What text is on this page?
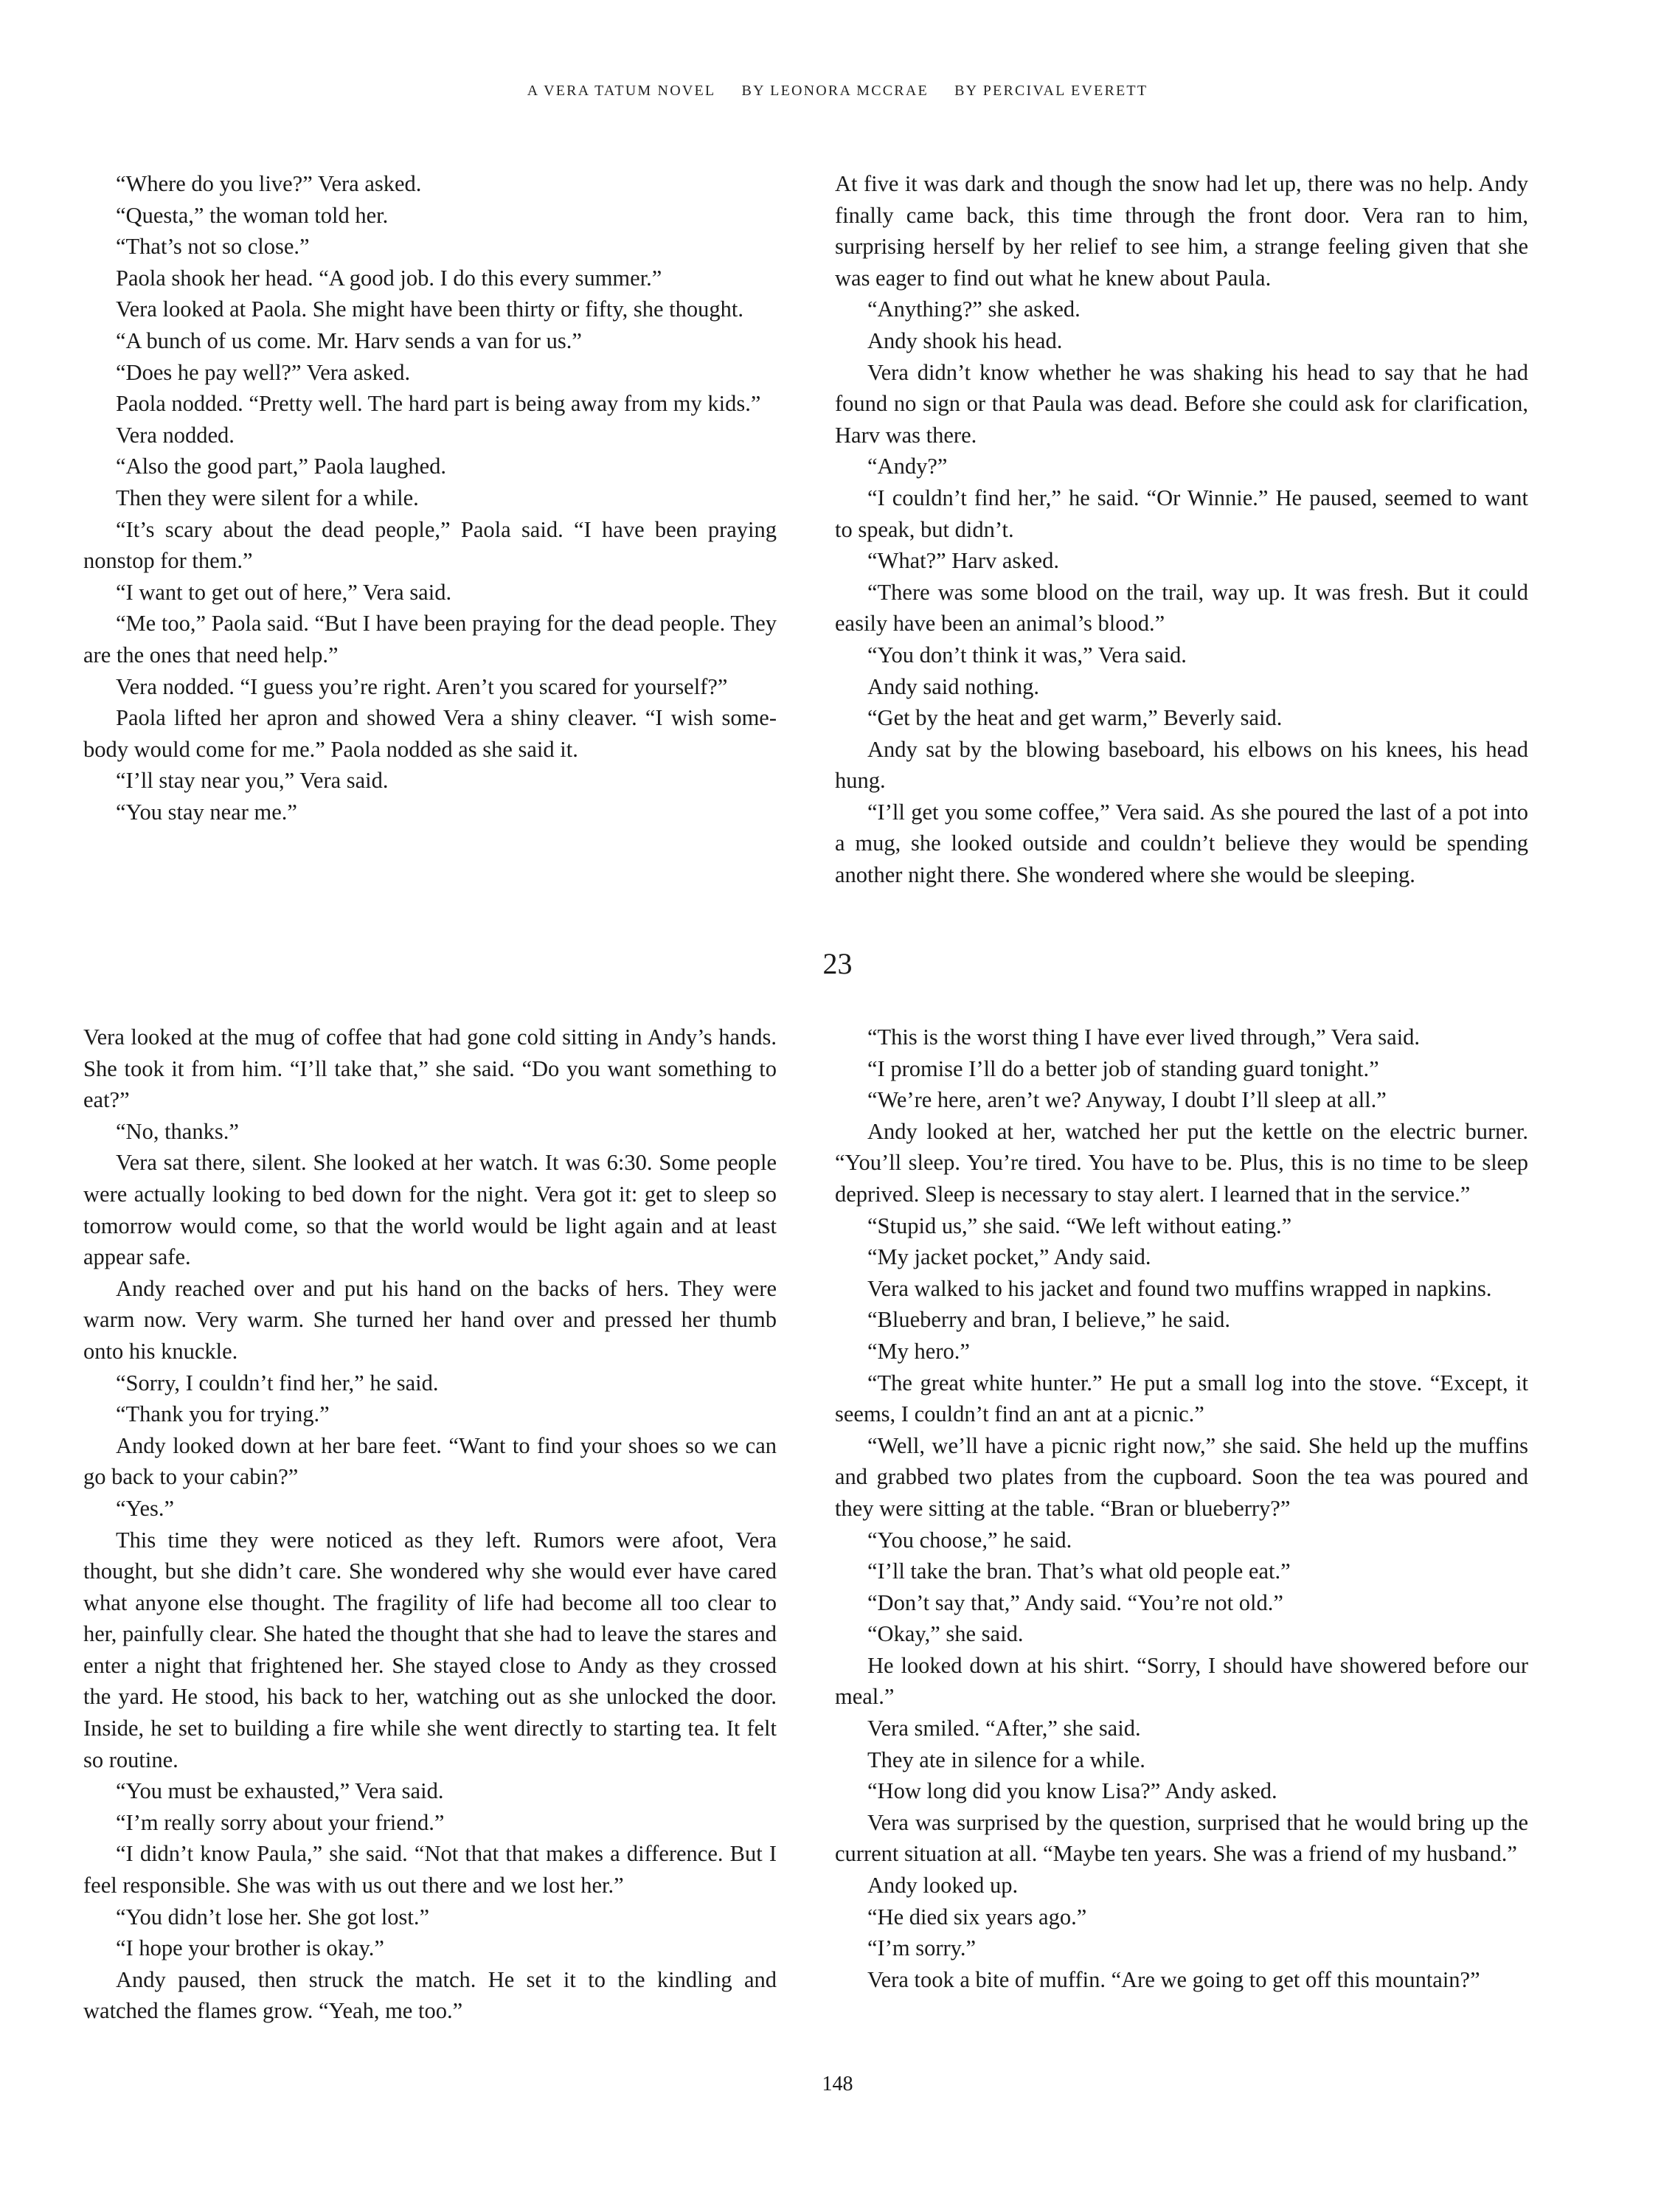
A VERA TATUM NOVEL BY LEONORA MCCRAE BY PERCIVAL EVERETT

“Where do you live?” Vera asked.

“Questa,” the woman told her.

“That’s not so close.”

Paola shook her head. “A good job. I do this every summer.”

Vera looked at Paola. She might have been thirty or fifty, she thought.

“A bunch of us come. Mr. Harv sends a van for us.”

“Does he pay well?” Vera asked.

Paola nodded. “Pretty well. The hard part is being away from my kids.”

Vera nodded.

“Also the good part,” Paola laughed.

Then they were silent for a while.

“It’s scary about the dead people,” Paola said. “I have been praying nonstop for them.”

“I want to get out of here,” Vera said.

“Me too,” Paola said. “But I have been praying for the dead people. They are the ones that need help.”

Vera nodded. “I guess you’re right. Aren’t you scared for yourself?”

Paola lifted her apron and showed Vera a shiny cleaver. “I wish somebody would come for me.” Paola nodded as she said it.

“I’ll stay near you,” Vera said.

“You stay near me.”

At five it was dark and though the snow had let up, there was no help. Andy finally came back, this time through the front door. Vera ran to him, surprising herself by her relief to see him, a strange feeling given that she was eager to find out what he knew about Paula.

“Anything?” she asked.

Andy shook his head.

Vera didn’t know whether he was shaking his head to say that he had found no sign or that Paula was dead. Before she could ask for clarification, Harv was there.

“Andy?”

“I couldn’t find her,” he said. “Or Winnie.” He paused, seemed to want to speak, but didn’t.

“What?” Harv asked.

“There was some blood on the trail, way up. It was fresh. But it could easily have been an animal’s blood.”

“You don’t think it was,” Vera said.

Andy said nothing.

“Get by the heat and get warm,” Beverly said.

Andy sat by the blowing baseboard, his elbows on his knees, his head hung.

“I’ll get you some coffee,” Vera said. As she poured the last of a pot into a mug, she looked outside and couldn’t believe they would be spending another night there. She wondered where she would be sleeping.

23

Vera looked at the mug of coffee that had gone cold sitting in Andy’s hands. She took it from him. “I’ll take that,” she said. “Do you want something to eat?”

“No, thanks.”

Vera sat there, silent. She looked at her watch. It was 6:30. Some people were actually looking to bed down for the night. Vera got it: get to sleep so tomorrow would come, so that the world would be light again and at least appear safe.

Andy reached over and put his hand on the backs of hers. They were warm now. Very warm. She turned her hand over and pressed her thumb onto his knuckle.

“Sorry, I couldn’t find her,” he said.

“Thank you for trying.”

Andy looked down at her bare feet. “Want to find your shoes so we can go back to your cabin?”

“Yes.”

This time they were noticed as they left. Rumors were afoot, Vera thought, but she didn’t care. She wondered why she would ever have cared what anyone else thought. The fragility of life had become all too clear to her, painfully clear. She hated the thought that she had to leave the stares and enter a night that frightened her. She stayed close to Andy as they crossed the yard. He stood, his back to her, watching out as she unlocked the door. Inside, he set to building a fire while she went directly to starting tea. It felt so routine.

“You must be exhausted,” Vera said.

“I’m really sorry about your friend.”

“I didn’t know Paula,” she said. “Not that that makes a difference. But I feel responsible. She was with us out there and we lost her.”

“You didn’t lose her. She got lost.”

“I hope your brother is okay.”

Andy paused, then struck the match. He set it to the kindling and watched the flames grow. “Yeah, me too.”

“This is the worst thing I have ever lived through,” Vera said.

“I promise I’ll do a better job of standing guard tonight.”

“We’re here, aren’t we? Anyway, I doubt I’ll sleep at all.”

Andy looked at her, watched her put the kettle on the electric burner. “You’ll sleep. You’re tired. You have to be. Plus, this is no time to be sleep deprived. Sleep is necessary to stay alert. I learned that in the service.”

“Stupid us,” she said. “We left without eating.”

“My jacket pocket,” Andy said.

Vera walked to his jacket and found two muffins wrapped in napkins.

“Blueberry and bran, I believe,” he said.

“My hero.”

“The great white hunter.” He put a small log into the stove. “Except, it seems, I couldn’t find an ant at a picnic.”

“Well, we’ll have a picnic right now,” she said. She held up the muffins and grabbed two plates from the cupboard. Soon the tea was poured and they were sitting at the table. “Bran or blueberry?”

“You choose,” he said.

“I’ll take the bran. That’s what old people eat.”

“Don’t say that,” Andy said. “You’re not old.”

“Okay,” she said.

He looked down at his shirt. “Sorry, I should have showered before our meal.”

Vera smiled. “After,” she said.

They ate in silence for a while.

“How long did you know Lisa?” Andy asked.

Vera was surprised by the question, surprised that he would bring up the current situation at all. “Maybe ten years. She was a friend of my husband.”

Andy looked up.

“He died six years ago.”

“I’m sorry.”

Vera took a bite of muffin. “Are we going to get off this mountain?”

148
